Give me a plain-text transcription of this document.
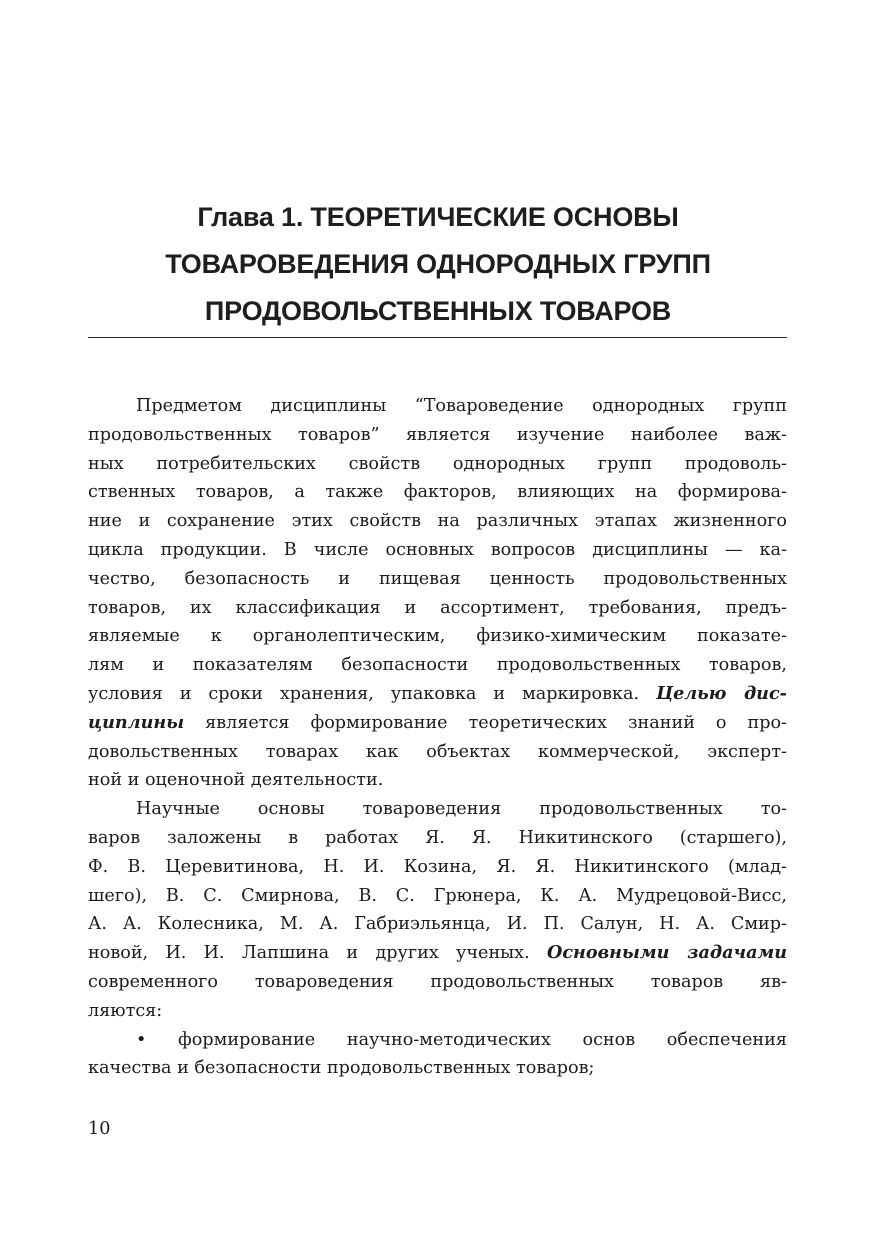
Глава 1. ТЕОРЕТИЧЕСКИЕ ОСНОВЫ
ТОВАРОВЕДЕНИЯ ОДНОРОДНЫХ ГРУПП
ПРОДОВОЛЬСТВЕННЫХ ТОВАРОВ
Предметом дисциплины “Товароведение однородных групп
продовольственных товаров” является изучение наиболее важ-
ных потребительских свойств однородных групп продоволь-
ственных товаров, а также факторов, влияющих на формирова-
ние и сохранение этих свойств на различных этапах жизненного
цикла продукции. В числе основных вопросов дисциплины — ка-
чество, безопасность и пищевая ценность продовольственных
товаров, их классификация и ассортимент, требования, предъ-
являемые к органолептическим, физико-химическим показате-
лям и показателям безопасности продовольственных товаров,
условия и сроки хранения, упаковка и маркировка. Целью дис-
циплины является формирование теоретических знаний о про-
довольственных товарах как объектах коммерческой, эксперт-
ной и оценочной деятельности.
Научные основы товароведения продовольственных то-
варов заложены в работах Я. Я. Никитинского (старшего),
Ф. В. Церевитинова, Н. И. Козина, Я. Я. Никитинского (млад-
шего), В. С. Смирнова, В. С. Грюнера, К. А. Мудрецовой-Висс,
А. А. Колесника, М. А. Габриэльянца, И. П. Салун, Н. А. Смир-
новой, И. И. Лапшина и других ученых. Основными задачами
современного товароведения продовольственных товаров яв-
ляются:
• формирование научно-методических основ обеспечения
качества и безопасности продовольственных товаров;
10
